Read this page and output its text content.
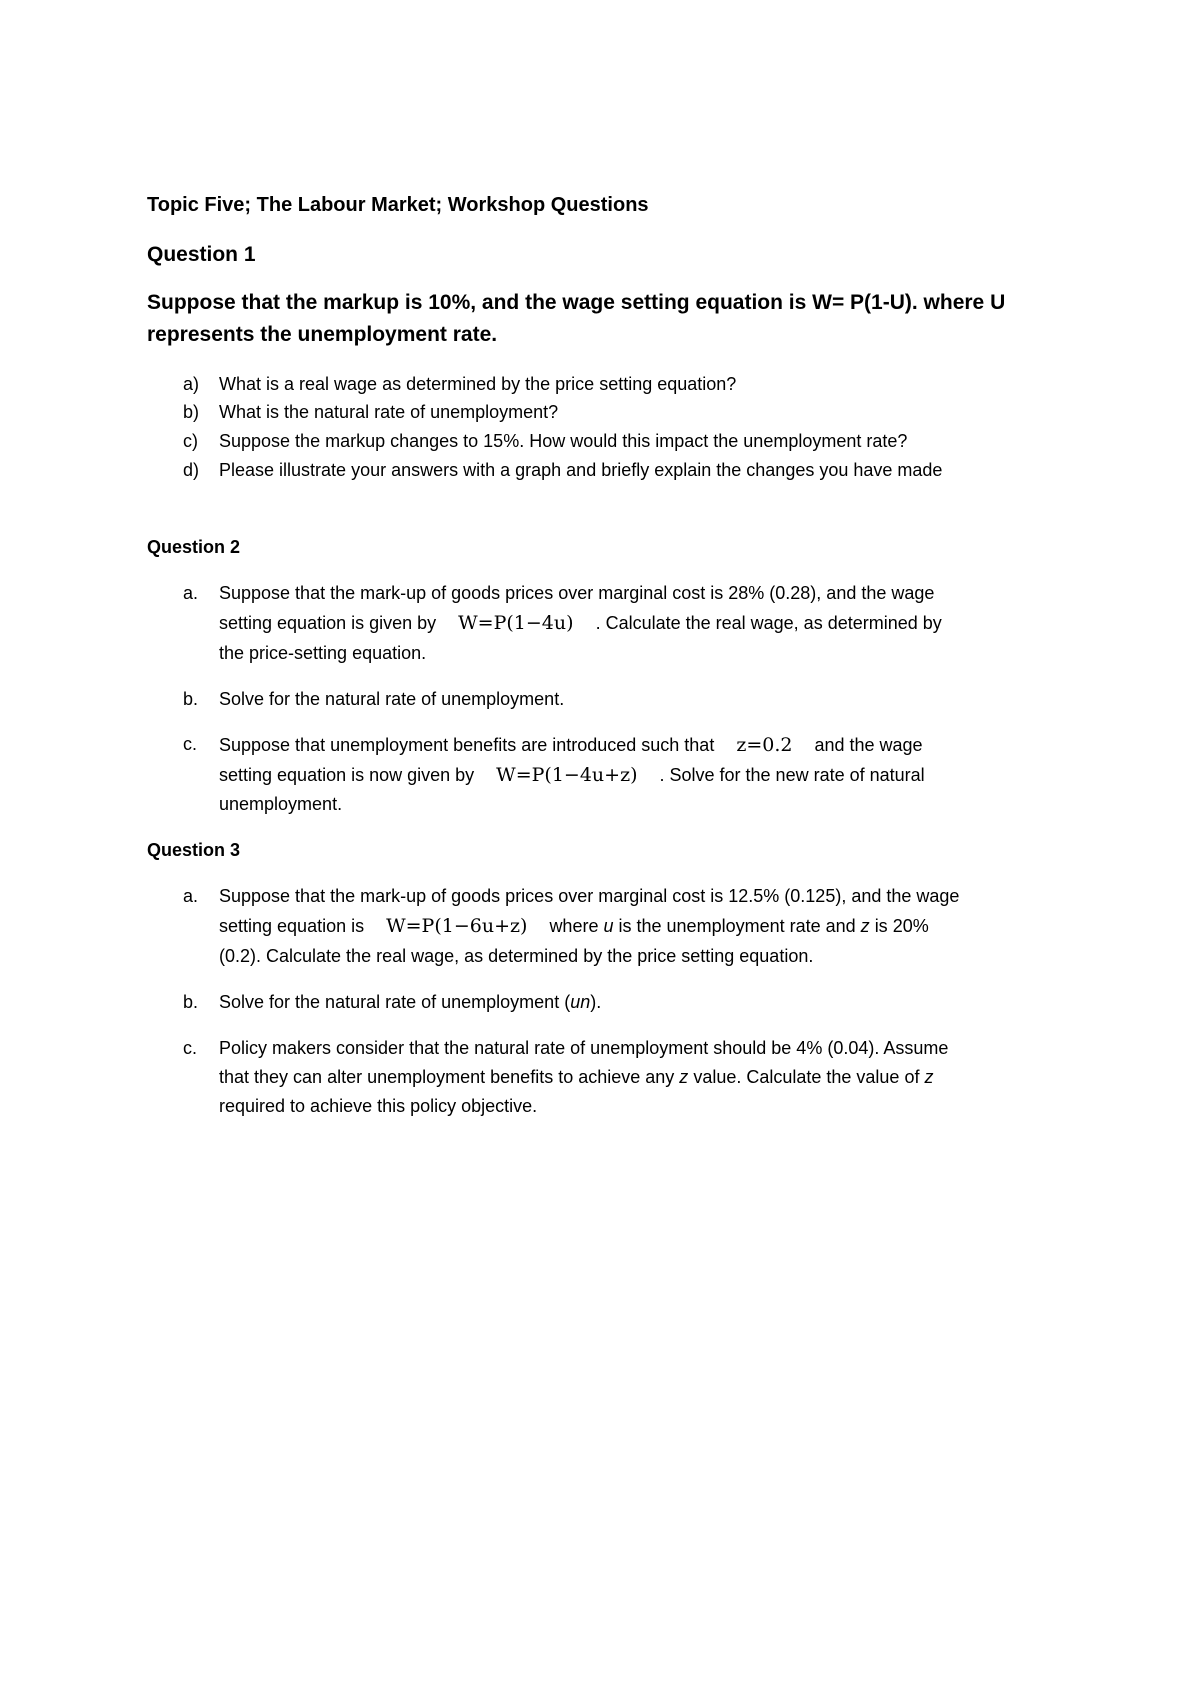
Topic Five; The Labour Market; Workshop Questions
Question 1
Suppose that the markup is 10%, and the wage setting equation is W= P(1-U). where U
represents the unemployment rate.
a) What is a real wage as determined by the price setting equation?
b) What is the natural rate of unemployment?
c) Suppose the markup changes to 15%. How would this impact the unemployment rate?
d) Please illustrate your answers with a graph and briefly explain the changes you have made
Question 2
a. Suppose that the mark-up of goods prices over marginal cost is 28% (0.28), and the wage
setting equation is given by W=P(1−4u) . Calculate the real wage, as determined by
the price-setting equation.
b. Solve for the natural rate of unemployment.
c. Suppose that unemployment benefits are introduced such that z=0.2 and the wage
setting equation is now given by W=P(1−4u+z) . Solve for the new rate of natural
unemployment.
Question 3
a. Suppose that the mark-up of goods prices over marginal cost is 12.5% (0.125), and the wage
setting equation is W=P(1−6u+z) where u is the unemployment rate and z is 20%
(0.2). Calculate the real wage, as determined by the price setting equation.
b. Solve for the natural rate of unemployment (un).
c. Policy makers consider that the natural rate of unemployment should be 4% (0.04). Assume
that they can alter unemployment benefits to achieve any z value. Calculate the value of z
required to achieve this policy objective.
